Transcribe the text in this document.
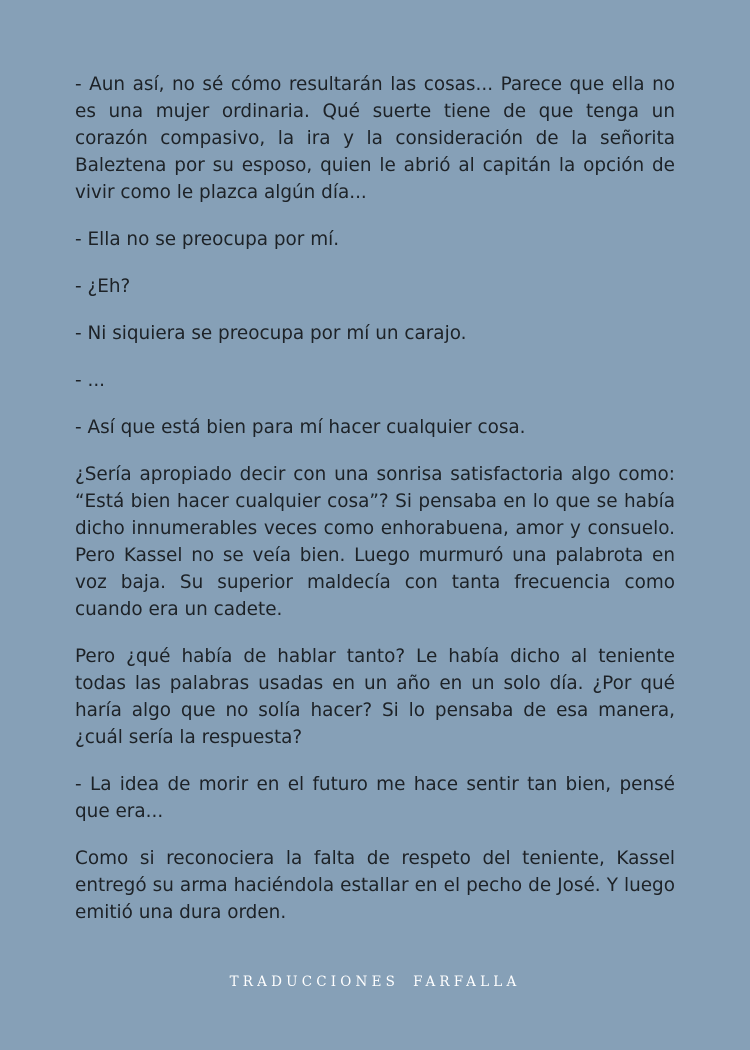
- Aun así, no sé cómo resultarán las cosas... Parece que ella no es una mujer ordinaria. Qué suerte tiene de que tenga un corazón compasivo, la ira y la consideración de la señorita Baleztena por su esposo, quien le abrió al capitán la opción de vivir como le plazca algún día...

- Ella no se preocupa por mí.

- ¿Eh?

- Ni siquiera se preocupa por mí un carajo.

- ...

- Así que está bien para mí hacer cualquier cosa.

¿Sería apropiado decir con una sonrisa satisfactoria algo como: “Está bien hacer cualquier cosa”? Si pensaba en lo que se había dicho innumerables veces como enhorabuena, amor y consuelo. Pero Kassel no se veía bien. Luego murmuró una palabrota en voz baja. Su superior maldecía con tanta frecuencia como cuando era un cadete.

Pero ¿qué había de hablar tanto? Le había dicho al teniente todas las palabras usadas en un año en un solo día. ¿Por qué haría algo que no solía hacer? Si lo pensaba de esa manera, ¿cuál sería la respuesta?

- La idea de morir en el futuro me hace sentir tan bien, pensé que era...

Como si reconociera la falta de respeto del teniente, Kassel entregó su arma haciéndola estallar en el pecho de José. Y luego emitió una dura orden.

TRADUCCIONES FARFALLA
